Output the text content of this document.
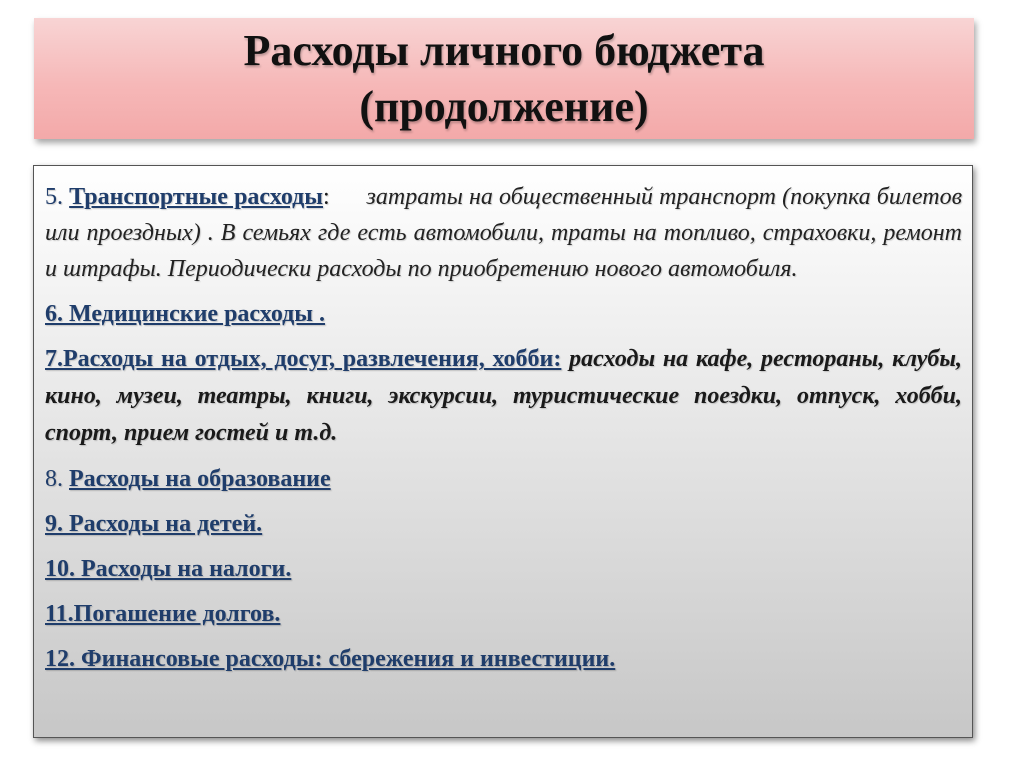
Расходы личного бюджета
(продолжение)

5. Транспортные расходы: затраты на общественный транспорт (покупка билетов или проездных) . В семьях где есть автомобили, траты на топливо, страховки, ремонт и штрафы. Периодически расходы по приобретению нового автомобиля.

6. Медицинские расходы .

7.Расходы на отдых, досуг, развлечения, хобби: расходы на кафе, рестораны, клубы, кино, музеи, театры, книги, экскурсии, туристические поездки, отпуск, хобби, спорт, прием гостей и т.д.

8. Расходы на образование

9. Расходы на детей.

10. Расходы на налоги.

11.Погашение долгов.

12. Финансовые расходы: сбережения и инвестиции.
